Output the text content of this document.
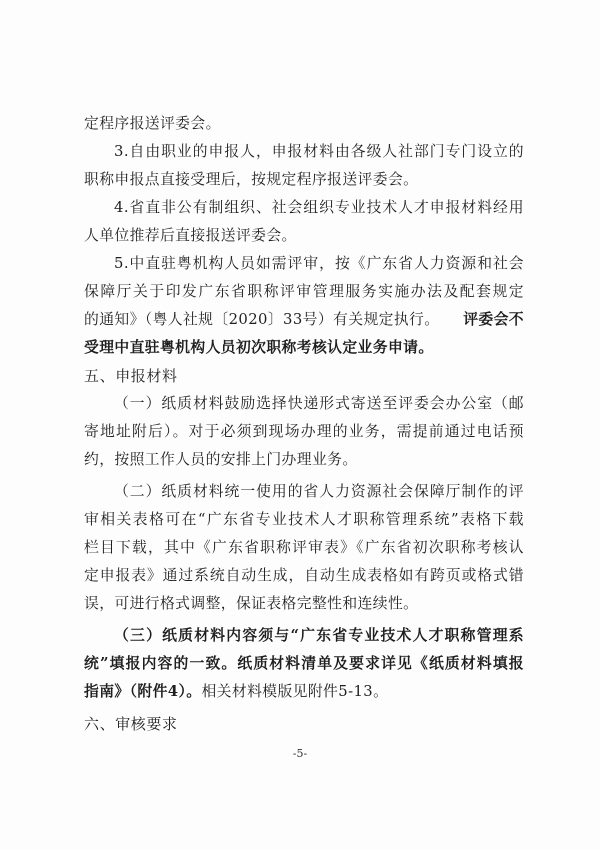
定程序报送评委会。
3.自由职业的申报人，申报材料由各级人社部门专门设立的
职称申报点直接受理后，按规定程序报送评委会。
4.省直非公有制组织、社会组织专业技术人才申报材料经用
人单位推荐后直接报送评委会。
5.中直驻粤机构人员如需评审，按《广东省人力资源和社会
保障厅关于印发广东省职称评审管理服务实施办法及配套规定
的通知》（粤人社规〔2020〕33号）有关规定执行。 评委会不
受理中直驻粤机构人员初次职称考核认定业务申请。
五、申报材料
（一）纸质材料鼓励选择快递形式寄送至评委会办公室（邮
寄地址附后）。对于必须到现场办理的业务，需提前通过电话预
约，按照工作人员的安排上门办理业务。
（二）纸质材料统一使用的省人力资源社会保障厅制作的评
审相关表格可在“广东省专业技术人才职称管理系统”表格下载
栏目下载，其中《广东省职称评审表》《广东省初次职称考核认
定申报表》通过系统自动生成，自动生成表格如有跨页或格式错
误，可进行格式调整，保证表格完整性和连续性。
（三）纸质材料内容须与“广东省专业技术人才职称管理系
统”填报内容的一致。纸质材料清单及要求详见《纸质材料填报
指南》（附件4）。相关材料模版见附件5-13。
六、审核要求
-5-
